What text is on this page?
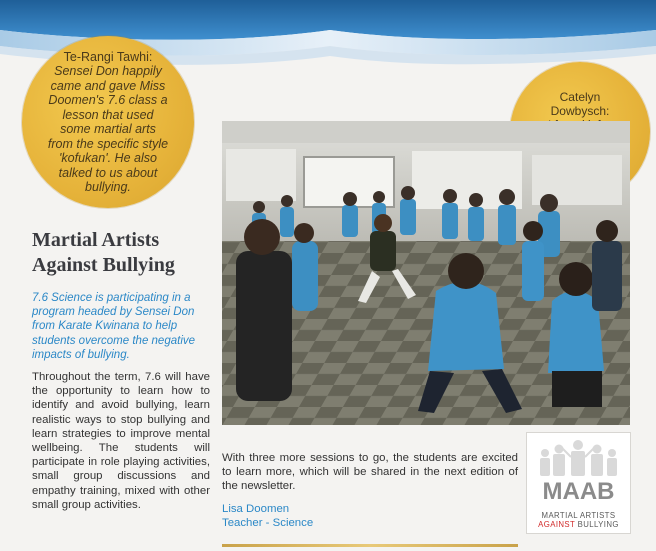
Te-Rangi Tawhi: Sensei Don happily came and gave Miss Doomen's 7.6 class a lesson that used some martial arts from the specific style 'kofukan'. He also talked to us about bullying.
Catelyn Dowbysch:
Martial Artists
Against Bullying
7.6 Science is participating in a program headed by Sensei Don from Karate Kwinana to help students overcome the negative impacts of bullying.
Throughout the term, 7.6 will have the opportunity to learn how to identify and avoid bullying, learn realistic ways to stop bullying and learn strategies to improve mental wellbeing. The students will participate in role playing activities, small group discussions and empathy training, mixed with other small group activities.
With three more sessions to go, the students are excited to learn more, which will be shared in the next edition of the newsletter.
Lisa Doomen
Teacher - Science
MAAB
MARTIAL ARTISTS
AGAINST BULLYING
